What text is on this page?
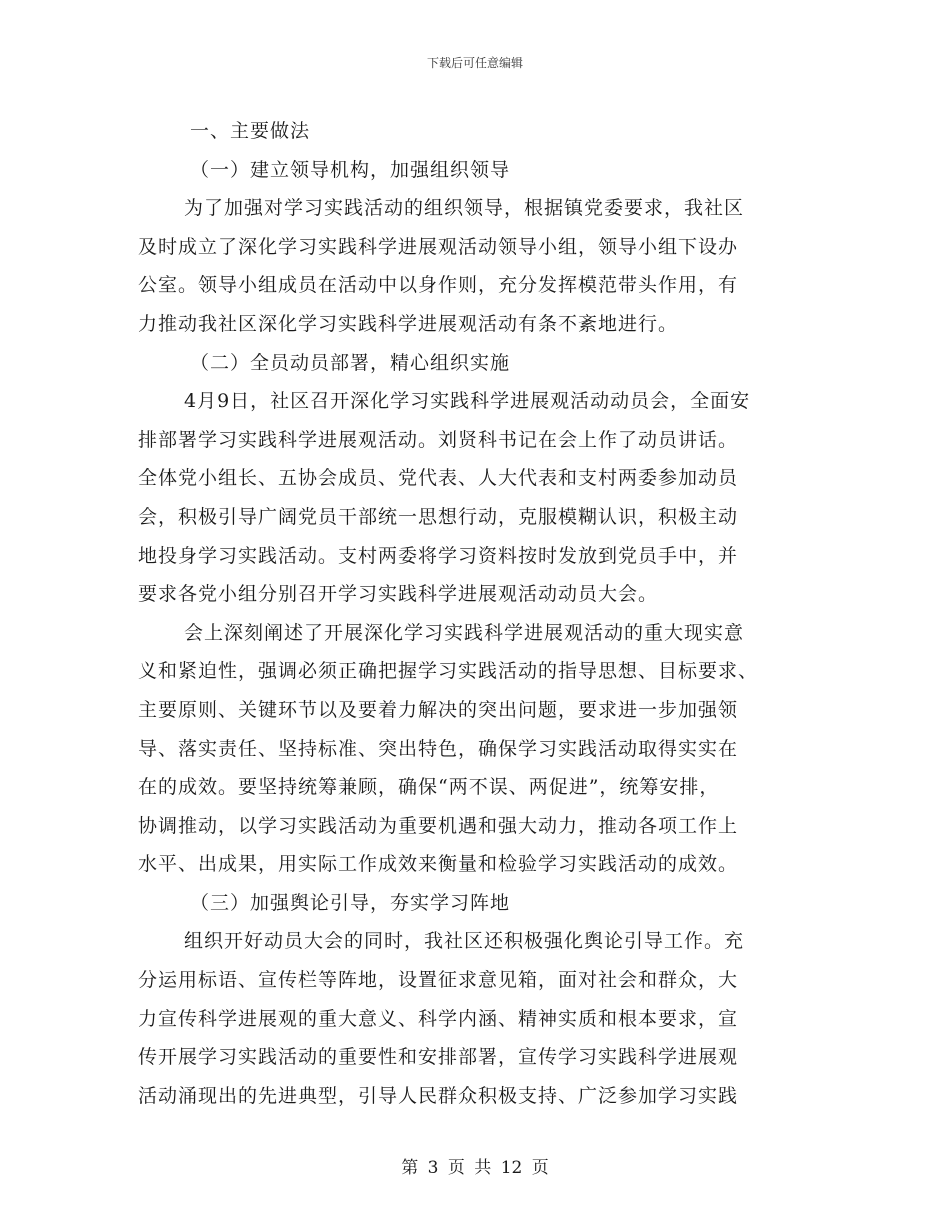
下载后可任意编辑
一、主要做法
（一）建立领导机构，加强组织领导
为了加强对学习实践活动的组织领导，根据镇党委要求，我社区
及时成立了深化学习实践科学进展观活动领导小组，领导小组下设办
公室。领导小组成员在活动中以身作则，充分发挥模范带头作用，有
力推动我社区深化学习实践科学进展观活动有条不紊地进行。
（二）全员动员部署，精心组织实施
4月9日，社区召开深化学习实践科学进展观活动动员会，全面安
排部署学习实践科学进展观活动。刘贤科书记在会上作了动员讲话。
全体党小组长、五协会成员、党代表、人大代表和支村两委参加动员
会，积极引导广阔党员干部统一思想行动，克服模糊认识，积极主动
地投身学习实践活动。支村两委将学习资料按时发放到党员手中，并
要求各党小组分别召开学习实践科学进展观活动动员大会。
会上深刻阐述了开展深化学习实践科学进展观活动的重大现实意
义和紧迫性，强调必须正确把握学习实践活动的指导思想、目标要求、
主要原则、关键环节以及要着力解决的突出问题，要求进一步加强领
导、落实责任、坚持标准、突出特色，确保学习实践活动取得实实在
在的成效。要坚持统筹兼顾，确保“两不误、两促进”，统筹安排，
协调推动，以学习实践活动为重要机遇和强大动力，推动各项工作上
水平、出成果，用实际工作成效来衡量和检验学习实践活动的成效。
（三）加强舆论引导，夯实学习阵地
组织开好动员大会的同时，我社区还积极强化舆论引导工作。充
分运用标语、宣传栏等阵地，设置征求意见箱，面对社会和群众，大
力宣传科学进展观的重大意义、科学内涵、精神实质和根本要求，宣
传开展学习实践活动的重要性和安排部署，宣传学习实践科学进展观
活动涌现出的先进典型，引导人民群众积极支持、广泛参加学习实践
第 3 页 共 12 页
